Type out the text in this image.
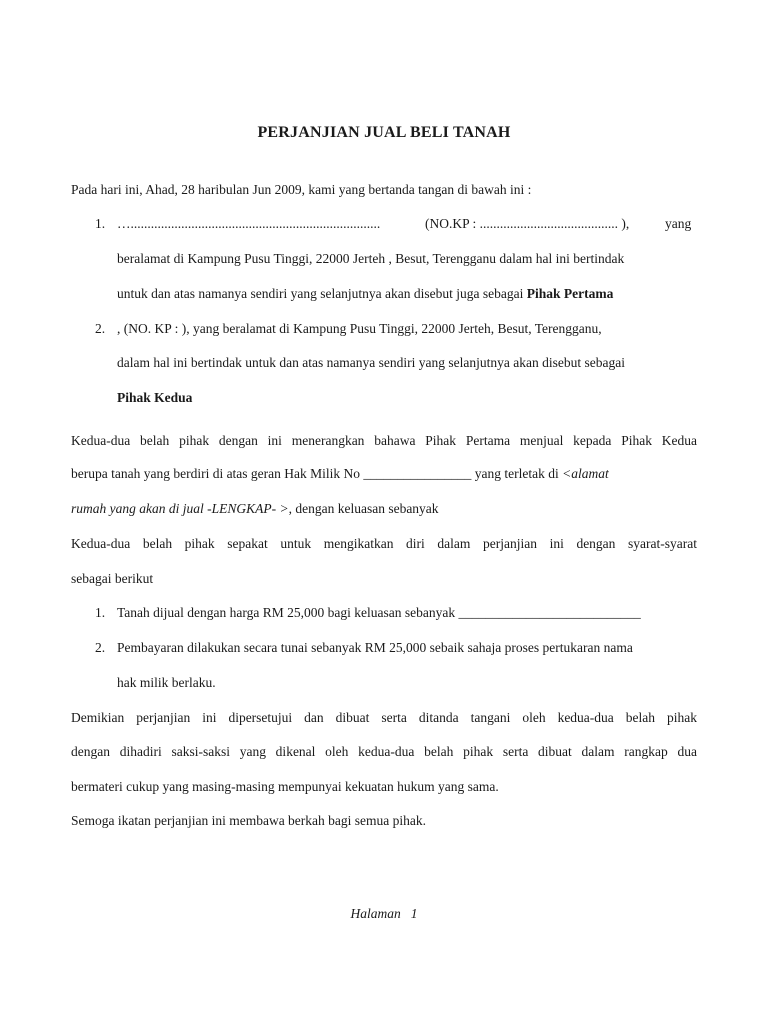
PERJANJIAN JUAL BELI TANAH
Pada hari ini, Ahad, 28 haribulan Jun 2009, kami yang bertanda tangan di bawah ini :
1. …..........................................................................	(NO.KP : ......................................... ),	yang
beralamat di Kampung Pusu Tinggi, 22000 Jerteh , Besut, Terengganu dalam hal ini bertindak
untuk dan atas namanya sendiri yang selanjutnya akan disebut juga sebagai Pihak Pertama
2. , (NO. KP : ), yang beralamat di Kampung Pusu Tinggi, 22000 Jerteh, Besut, Terengganu,
dalam hal ini bertindak untuk dan atas namanya sendiri yang selanjutnya akan disebut sebagai
Pihak Kedua
Kedua-dua belah pihak dengan ini menerangkan bahawa Pihak Pertama menjual kepada Pihak Kedua
berupa tanah yang berdiri di atas geran Hak Milik No ________________ yang terletak di <alamat
rumah yang akan di jual -LENGKAP- >, dengan keluasan sebanyak
Kedua-dua belah pihak sepakat untuk mengikatkan diri dalam perjanjian ini dengan syarat-syarat
sebagai berikut
1. Tanah dijual dengan harga RM 25,000 bagi keluasan sebanyak ___________________________
2. Pembayaran dilakukan secara tunai sebanyak RM 25,000 sebaik sahaja proses pertukaran nama
hak milik berlaku.
Demikian perjanjian ini dipersetujui dan dibuat serta ditanda tangani oleh kedua-dua belah pihak
dengan dihadiri saksi-saksi yang dikenal oleh kedua-dua belah pihak serta dibuat dalam rangkap dua
bermateri cukup yang masing-masing mempunyai kekuatan hukum yang sama.
Semoga ikatan perjanjian ini membawa berkah bagi semua pihak.
Halaman 1
